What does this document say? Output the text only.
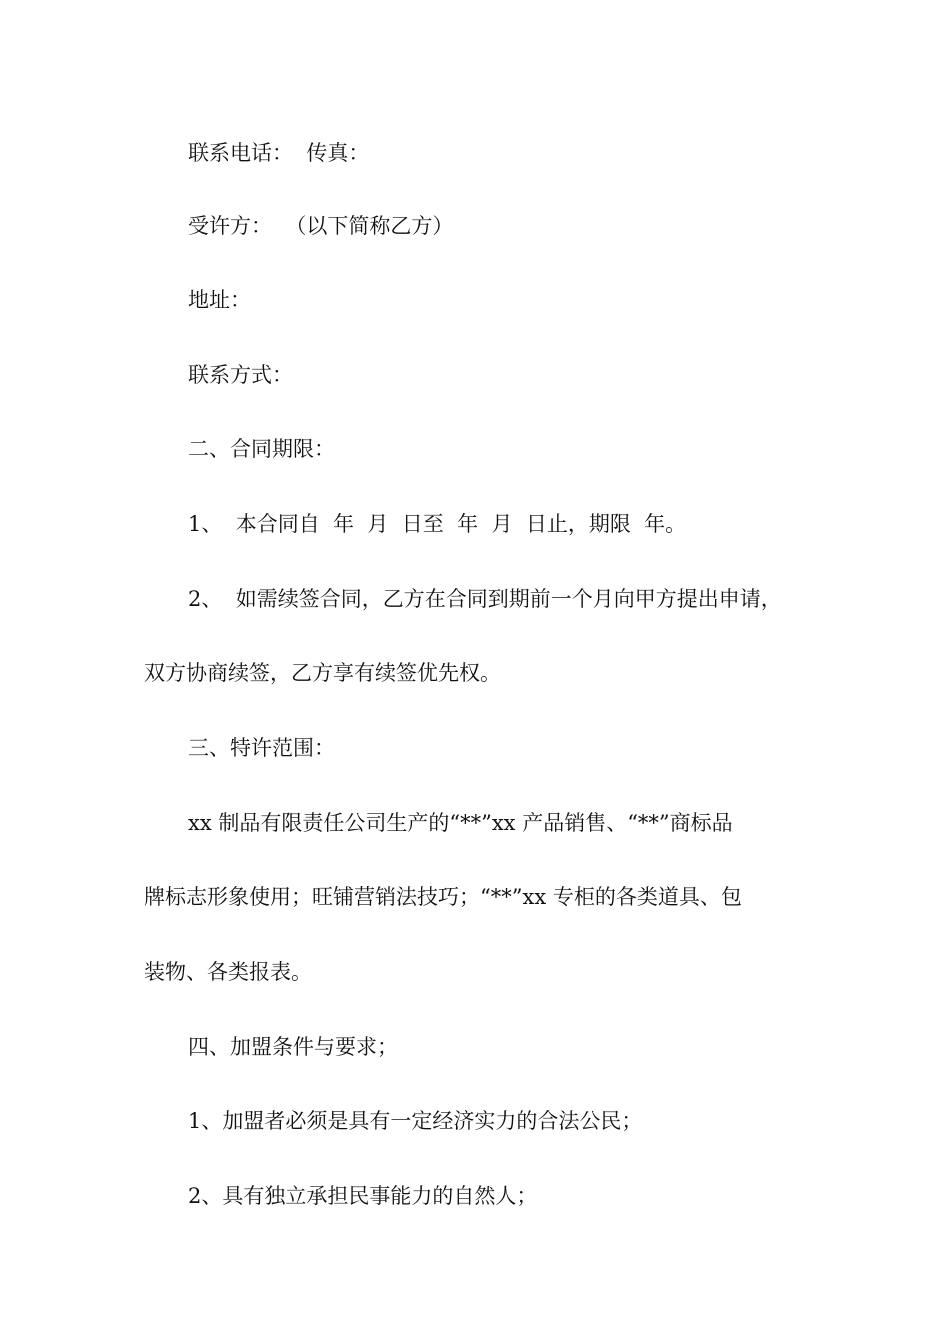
联系电话：  传真：
受许方：  （以下简称乙方）
地址：
联系方式：
二、合同期限：
1、  本合同自  年  月  日至  年  月  日止，期限  年。
2、  如需续签合同，乙方在合同到期前一个月向甲方提出申请，
双方协商续签，乙方享有续签优先权。
三、特许范围：
xx 制品有限责任公司生产的“**”xx 产品销售、“**”商标品
牌标志形象使用；旺铺营销法技巧；“**”xx 专柜的各类道具、包
装物、各类报表。
四、加盟条件与要求；
1、加盟者必须是具有一定经济实力的合法公民；
2、具有独立承担民事能力的自然人；
